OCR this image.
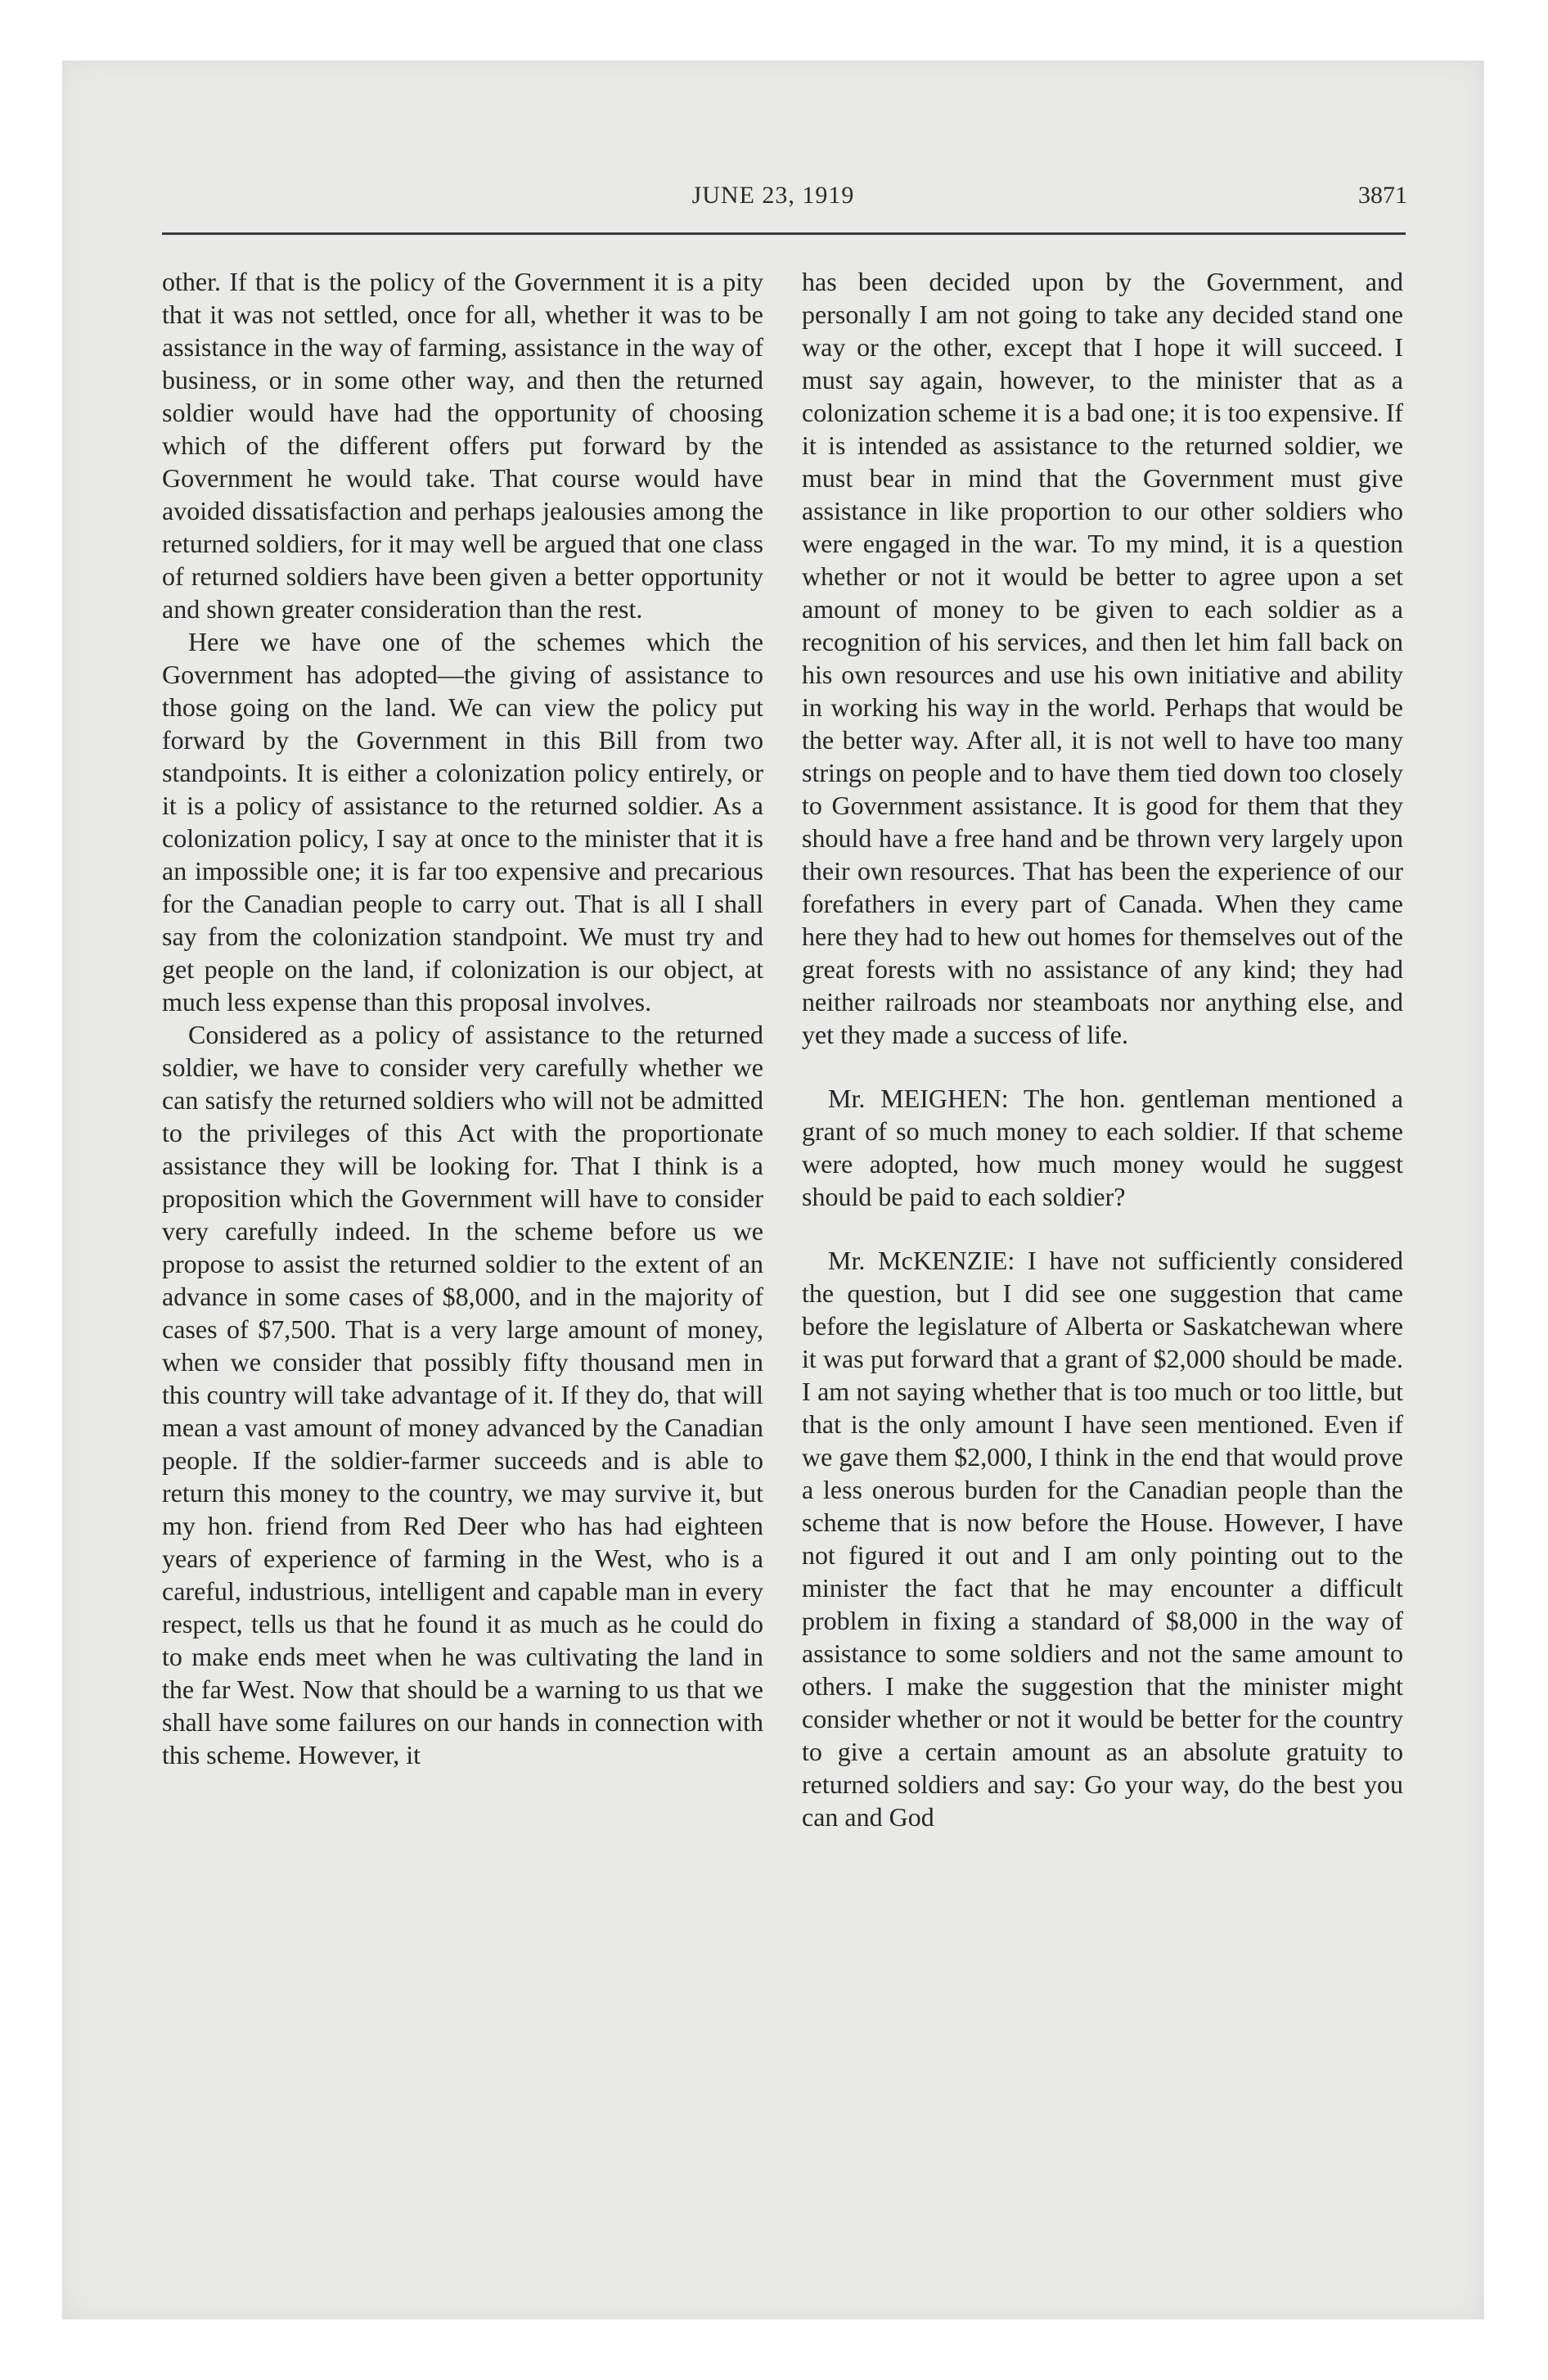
JUNE 23, 1919	3871

other. If that is the policy of the Government it is a pity that it was not settled, once for all, whether it was to be assistance in the way of farming, assistance in the way of business, or in some other way, and then the returned soldier would have had the opportunity of choosing which of the different offers put forward by the Government he would take. That course would have avoided dissatisfaction and perhaps jealousies among the returned soldiers, for it may well be argued that one class of returned soldiers have been given a better opportunity and shown greater consideration than the rest.

Here we have one of the schemes which the Government has adopted—the giving of assistance to those going on the land. We can view the policy put forward by the Government in this Bill from two standpoints. It is either a colonization policy entirely, or it is a policy of assistance to the returned soldier. As a colonization policy, I say at once to the minister that it is an impossible one; it is far too expensive and precarious for the Canadian people to carry out. That is all I shall say from the colonization standpoint. We must try and get people on the land, if colonization is our object, at much less expense than this proposal involves.

Considered as a policy of assistance to the returned soldier, we have to consider very carefully whether we can satisfy the returned soldiers who will not be admitted to the privileges of this Act with the proportionate assistance they will be looking for. That I think is a proposition which the Government will have to consider very carefully indeed. In the scheme before us we propose to assist the returned soldier to the extent of an advance in some cases of $8,000, and in the majority of cases of $7,500. That is a very large amount of money, when we consider that possibly fifty thousand men in this country will take advantage of it. If they do, that will mean a vast amount of money advanced by the Canadian people. If the soldier-farmer succeeds and is able to return this money to the country, we may survive it, but my hon. friend from Red Deer who has had eighteen years of experience of farming in the West, who is a careful, industrious, intelligent and capable man in every respect, tells us that he found it as much as he could do to make ends meet when he was cultivating the land in the far West. Now that should be a warning to us that we shall have some failures on our hands in connection with this scheme. However, it

has been decided upon by the Government, and personally I am not going to take any decided stand one way or the other, except that I hope it will succeed. I must say again, however, to the minister that as a colonization scheme it is a bad one; it is too expensive. If it is intended as assistance to the returned soldier, we must bear in mind that the Government must give assistance in like proportion to our other soldiers who were engaged in the war. To my mind, it is a question whether or not it would be better to agree upon a set amount of money to be given to each soldier as a recognition of his services, and then let him fall back on his own resources and use his own initiative and ability in working his way in the world. Perhaps that would be the better way. After all, it is not well to have too many strings on people and to have them tied down too closely to Government assistance. It is good for them that they should have a free hand and be thrown very largely upon their own resources. That has been the experience of our forefathers in every part of Canada. When they came here they had to hew out homes for themselves out of the great forests with no assistance of any kind; they had neither railroads nor steamboats nor anything else, and yet they made a success of life.

Mr. MEIGHEN: The hon. gentleman mentioned a grant of so much money to each soldier. If that scheme were adopted, how much money would he suggest should be paid to each soldier?

Mr. McKENZIE: I have not sufficiently considered the question, but I did see one suggestion that came before the legislature of Alberta or Saskatchewan where it was put forward that a grant of $2,000 should be made. I am not saying whether that is too much or too little, but that is the only amount I have seen mentioned. Even if we gave them $2,000, I think in the end that would prove a less onerous burden for the Canadian people than the scheme that is now before the House. However, I have not figured it out and I am only pointing out to the minister the fact that he may encounter a difficult problem in fixing a standard of $8,000 in the way of assistance to some soldiers and not the same amount to others. I make the suggestion that the minister might consider whether or not it would be better for the country to give a certain amount as an absolute gratuity to returned soldiers and say: Go your way, do the best you can and God
